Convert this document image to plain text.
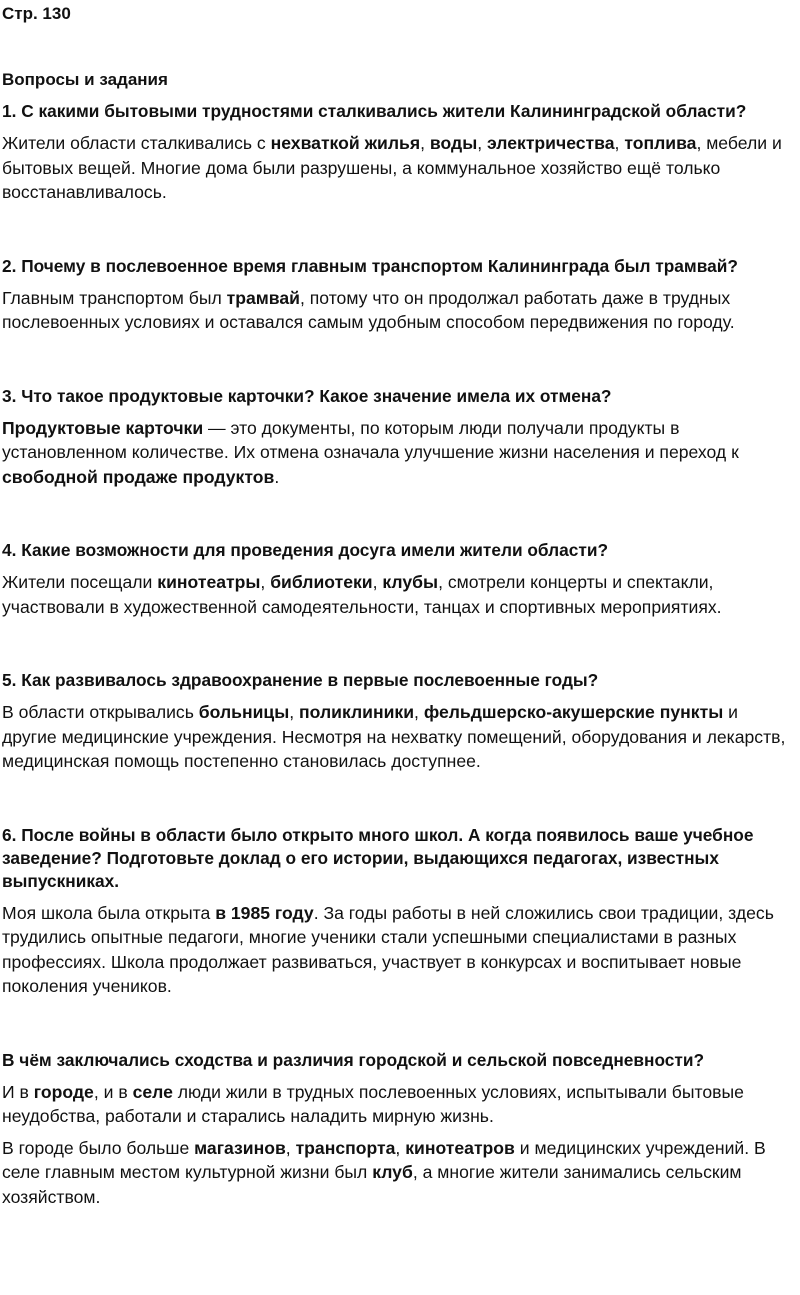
Стр. 130

Вопросы и задания

1. С какими бытовыми трудностями сталкивались жители Калининградской области?

Жители области сталкивались с нехваткой жилья, воды, электричества, топлива, мебели и бытовых вещей. Многие дома были разрушены, а коммунальное хозяйство ещё только восстанавливалось.

2. Почему в послевоенное время главным транспортом Калининграда был трамвай?

Главным транспортом был трамвай, потому что он продолжал работать даже в трудных послевоенных условиях и оставался самым удобным способом передвижения по городу.

3. Что такое продуктовые карточки? Какое значение имела их отмена?

Продуктовые карточки — это документы, по которым люди получали продукты в установленном количестве. Их отмена означала улучшение жизни населения и переход к свободной продаже продуктов.

4. Какие возможности для проведения досуга имели жители области?

Жители посещали кинотеатры, библиотеки, клубы, смотрели концерты и спектакли, участвовали в художественной самодеятельности, танцах и спортивных мероприятиях.

5. Как развивалось здравоохранение в первые послевоенные годы?

В области открывались больницы, поликлиники, фельдшерско-акушерские пункты и другие медицинские учреждения. Несмотря на нехватку помещений, оборудования и лекарств, медицинская помощь постепенно становилась доступнее.

6. После войны в области было открыто много школ. А когда появилось ваше учебное заведение? Подготовьте доклад о его истории, выдающихся педагогах, известных выпускниках.

Моя школа была открыта в 1985 году. За годы работы в ней сложились свои традиции, здесь трудились опытные педагоги, многие ученики стали успешными специалистами в разных профессиях. Школа продолжает развиваться, участвует в конкурсах и воспитывает новые поколения учеников.

В чём заключались сходства и различия городской и сельской повседневности?

И в городе, и в селе люди жили в трудных послевоенных условиях, испытывали бытовые неудобства, работали и старались наладить мирную жизнь.

В городе было больше магазинов, транспорта, кинотеатров и медицинских учреждений. В селе главным местом культурной жизни был клуб, а многие жители занимались сельским хозяйством.
